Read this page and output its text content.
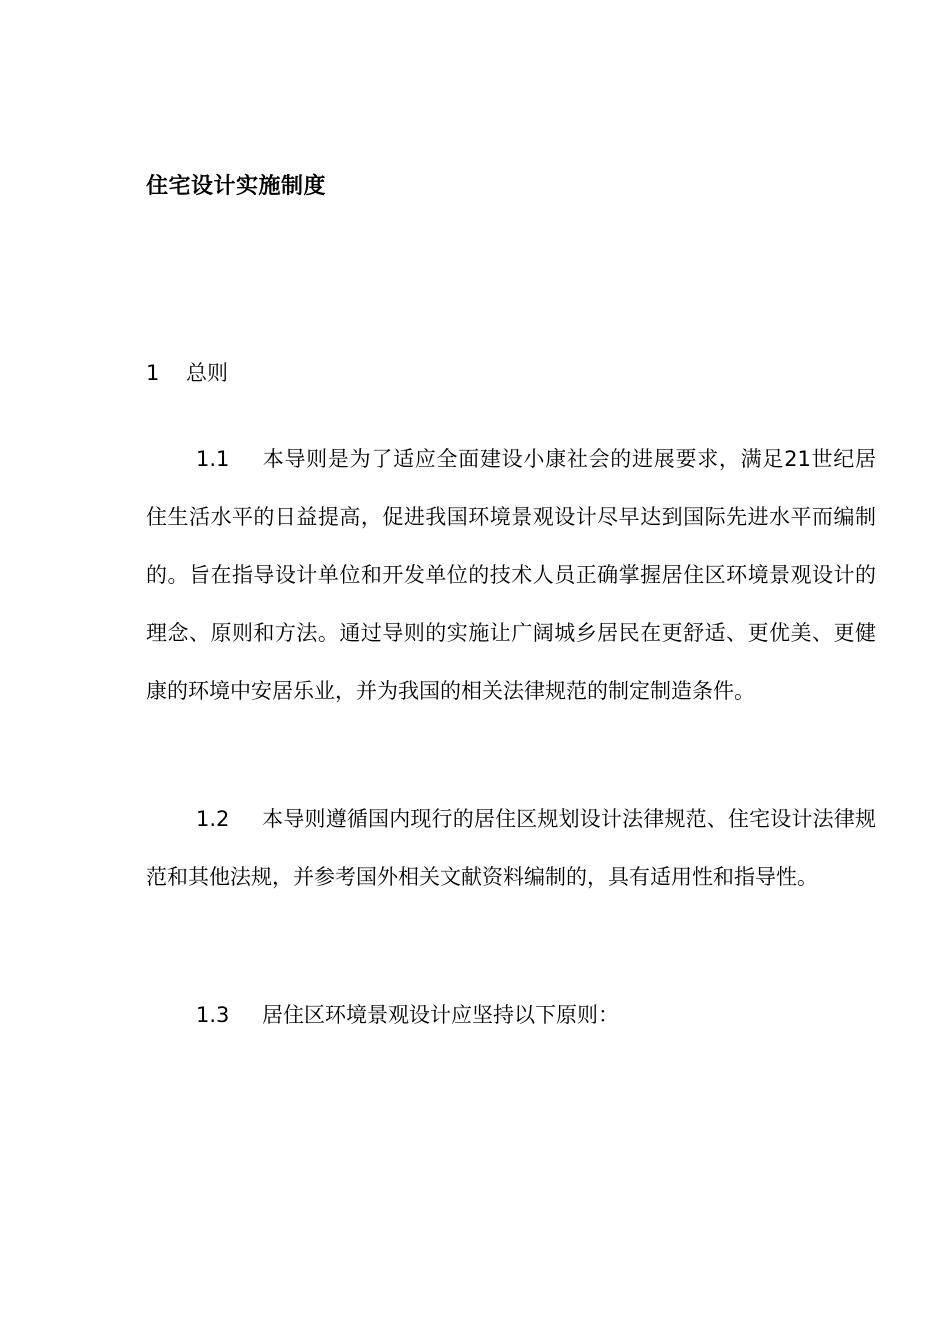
住宅设计实施制度
1 总则
1.1 本导则是为了适应全面建设小康社会的进展要求，满足21世纪居住生活水平的日益提高，促进我国环境景观设计尽早达到国际先进水平而编制的。旨在指导设计单位和开发单位的技术人员正确掌握居住区环境景观设计的理念、原则和方法。通过导则的实施让广阔城乡居民在更舒适、更优美、更健康的环境中安居乐业，并为我国的相关法律规范的制定制造条件。
1.2 本导则遵循国内现行的居住区规划设计法律规范、住宅设计法律规范和其他法规，并参考国外相关文献资料编制的，具有适用性和指导性。
1.3 居住区环境景观设计应坚持以下原则：
